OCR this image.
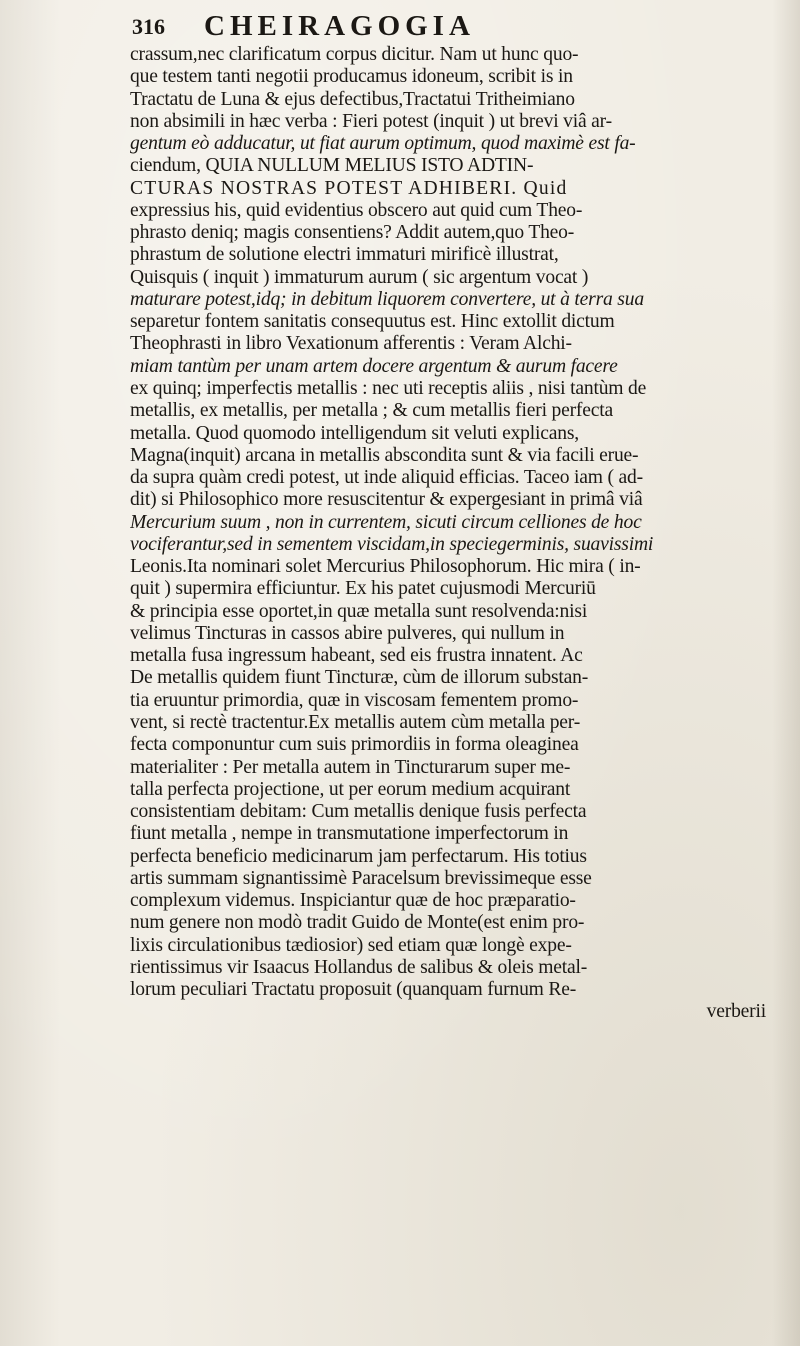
316 CHEIRAGOGIA
crassum,nec clarificatum corpus dicitur. Nam ut hunc quo-
que testem tanti negotii producamus idoneum, scribit is in
Tractatu de Luna & ejus defectibus,Tractatui Tritheimiano
non absimili in hæc verba : Fieri potest (inquit ) ut brevi viâ ar-
gentum eò adducatur, ut fiat aurum optimum, quod maximè est fa-
ciendum, QUIA NULLUM MELIUS ISTO ADTIN-
CTURAS NOSTRAS POTEST ADHIBERI. Quid
expressius his, quid evidentius obscero aut quid cum Theo-
phrasto deniq; magis consentiens? Addit autem,quo Theo-
phrastum de solutione electri immaturi mirificè illustrat,
Quisquis ( inquit ) immaturum aurum ( sic argentum vocat )
maturare potest,idq; in debitum liquorem convertere, ut à terra sua
separetur fontem sanitatis consequutus est. Hinc extollit dictum
Theophrasti in libro Vexationum afferentis : Veram Alchi-
miam tantùm per unam artem docere argentum & aurum facere
ex quinq; imperfectis metallis : nec uti receptis aliis , nisi tantùm de
metallis, ex metallis, per metalla ; & cum metallis fieri perfecta
metalla. Quod quomodo intelligendum sit veluti explicans,
Magna(inquit) arcana in metallis abscondita sunt & via facili erue-
da supra quàm credi potest, ut inde aliquid efficias. Taceo iam ( ad-
dit) si Philosophico more resuscitentur & expergesiant in primâ viâ
Mercurium suum , non in currentem, sicuti circum celliones de hoc
vociferantur,sed in sementem viscidam,in speciegerminis, suavissimi
Leonis.Ita nominari solet Mercurius Philosophorum. Hic mira ( in-
quit ) supermira efficiuntur. Ex his patet cujusmodi Mercuriū
& principia esse oportet,in quæ metalla sunt resolvenda:nisi
velimus Tincturas in cassos abire pulveres, qui nullum in
metalla fusa ingressum habeant, sed eis frustra innatent. Ac
De metallis quidem fiunt Tincturæ, cùm de illorum substan-
tia eruuntur primordia, quæ in viscosam fementem promo-
vent, si rectè tractentur.Ex metallis autem cùm metalla per-
fecta componuntur cum suis primordiis in forma oleaginea
materialiter : Per metalla autem in Tincturarum super me-
talla perfecta projectione, ut per eorum medium acquirant
consistentiam debitam: Cum metallis denique fusis perfecta
fiunt metalla , nempe in transmutatione imperfectorum in
perfecta beneficio medicinarum jam perfectarum. His totius
artis summam signantissimè Paracelsum brevissimeque esse
complexum videmus. Inspiciantur quæ de hoc præparatio-
num genere non modò tradit Guido de Monte(est enim pro-
lixis circulationibus tædiosior) sed etiam quæ longè expe-
rientissimus vir Isaacus Hollandus de salibus & oleis metal-
lorum peculiari Tractatu proposuit (quanquam furnum Re-
verberii
